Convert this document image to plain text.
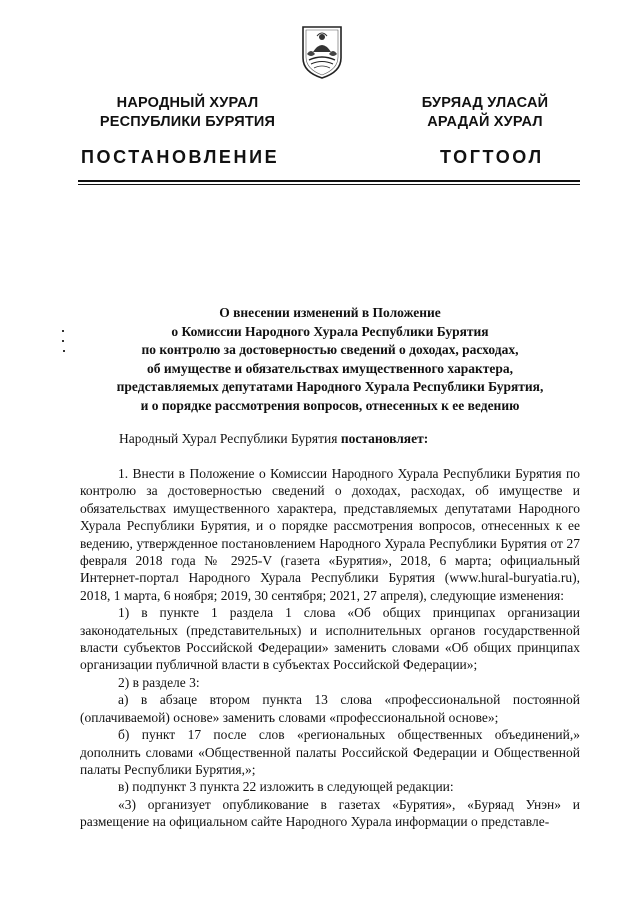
НАРОДНЫЙ ХУРАЛ
РЕСПУБЛИКИ БУРЯТИЯ
БУРЯАД УЛАСАЙ
АРАДАЙ ХУРАЛ
ПОСТАНОВЛЕНИЕ	ТОГТООЛ
О внесении изменений в Положение
о Комиссии Народного Хурала Республики Бурятия
по контролю за достоверностью сведений о доходах, расходах,
об имуществе и обязательствах имущественного характера,
представляемых депутатами Народного Хурала Республики Бурятия,
и о порядке рассмотрения вопросов, отнесенных к ее ведению
Народный Хурал Республики Бурятия постановляет:

1. Внести в Положение о Комиссии Народного Хурала Республики Бурятия по контролю за достоверностью сведений о доходах, расходах, об имуществе и обязательствах имущественного характера, представляемых депутатами Народного Хурала Республики Бурятия, и о порядке рассмотрения вопросов, отнесенных к ее ведению, утвержденное постановлением Народного Хурала Республики Бурятия от 27 февраля 2018 года № 2925-V (газета «Бурятия», 2018, 6 марта; официальный Интернет-портал Народного Хурала Республики Бурятия (www.hural-buryatia.ru), 2018, 1 марта, 6 ноября; 2019, 30 сентября; 2021, 27 апреля), следующие изменения:

1) в пункте 1 раздела 1 слова «Об общих принципах организации законодательных (представительных) и исполнительных органов государственной власти субъектов Российской Федерации» заменить словами «Об общих принципах организации публичной власти в субъектах Российской Федерации»;

2) в разделе 3:

а) в абзаце втором пункта 13 слова «профессиональной постоянной (оплачиваемой) основе» заменить словами «профессиональной основе»;

б) пункт 17 после слов «региональных общественных объединений,» дополнить словами «Общественной палаты Российской Федерации и Общественной палаты Республики Бурятия,»;

в) подпункт 3 пункта 22 изложить в следующей редакции:

«3) организует опубликование в газетах «Бурятия», «Буряад Унэн» и размещение на официальном сайте Народного Хурала информации о представле-
